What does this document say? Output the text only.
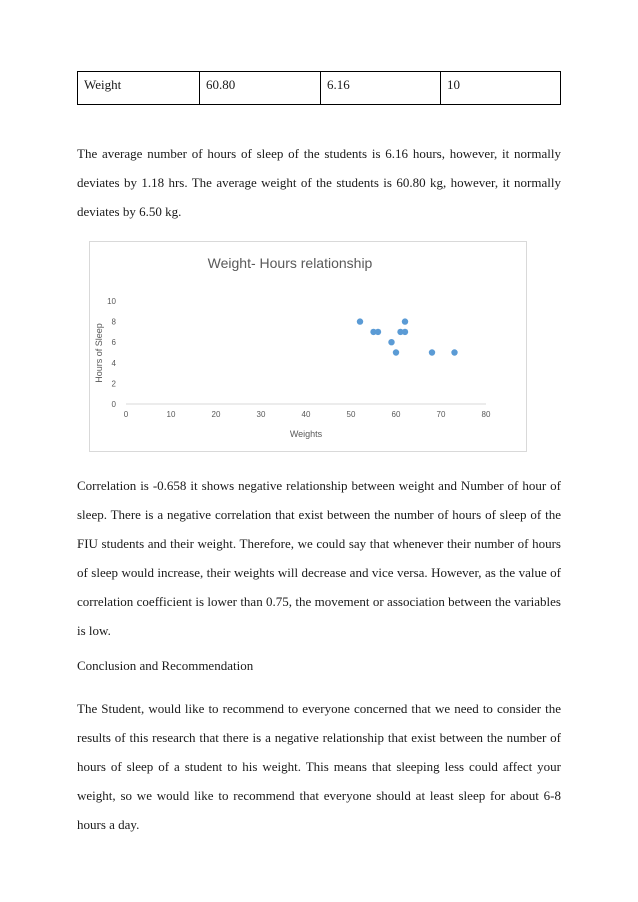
Weight	60.80	6.16	10

The average number of hours of sleep of the students is 6.16 hours, however, it normally deviates by 1.18 hrs. The average weight of the students is 60.80 kg, however, it normally deviates by 6.50 kg.

Weight- Hours relationship
Hours of Sleep
Weights
0	10	20	30	40	50	60	70	80
0
2
4
6
8
10

Correlation is -0.658 it shows negative relationship between weight and Number of hour of sleep. There is a negative correlation that exist between the number of hours of sleep of the FIU students and their weight. Therefore, we could say that whenever their number of hours of sleep would increase, their weights will decrease and vice versa. However, as the value of correlation coefficient is lower than 0.75, the movement or association between the variables is low.

Conclusion and Recommendation

The Student, would like to recommend to everyone concerned that we need to consider the results of this research that there is a negative relationship that exist between the number of hours of sleep of a student to his weight. This means that sleeping less could affect your weight, so we would like to recommend that everyone should at least sleep for about 6-8 hours a day.
